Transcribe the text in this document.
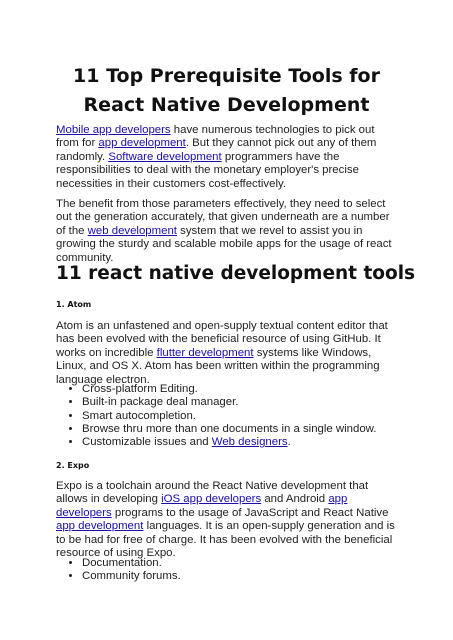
11 Top Prerequisite Tools for React Native Development
Mobile app developers have numerous technologies to pick out from for app development. But they cannot pick out any of them randomly. Software development programmers have the responsibilities to deal with the monetary employer's precise necessities in their customers cost-effectively.
The benefit from those parameters effectively, they need to select out the generation accurately, that given underneath are a number of the web development system that we revel to assist you in growing the sturdy and scalable mobile apps for the usage of react community.
11 react native development tools
1. Atom
Atom is an unfastened and open-supply textual content editor that has been evolved with the beneficial resource of using GitHub. It works on incredible flutter development systems like Windows, Linux, and OS X. Atom has been written within the programming language electron.
• Cross-platform Editing.
• Built-in package deal manager.
• Smart autocompletion.
• Browse thru more than one documents in a single window.
• Customizable issues and Web designers.
2. Expo
Expo is a toolchain around the React Native development that allows in developing iOS app developers and Android app developers programs to the usage of JavaScript and React Native app development languages. It is an open-supply generation and is to be had for free of charge. It has been evolved with the beneficial resource of using Expo.
• Documentation.
• Community forums.
